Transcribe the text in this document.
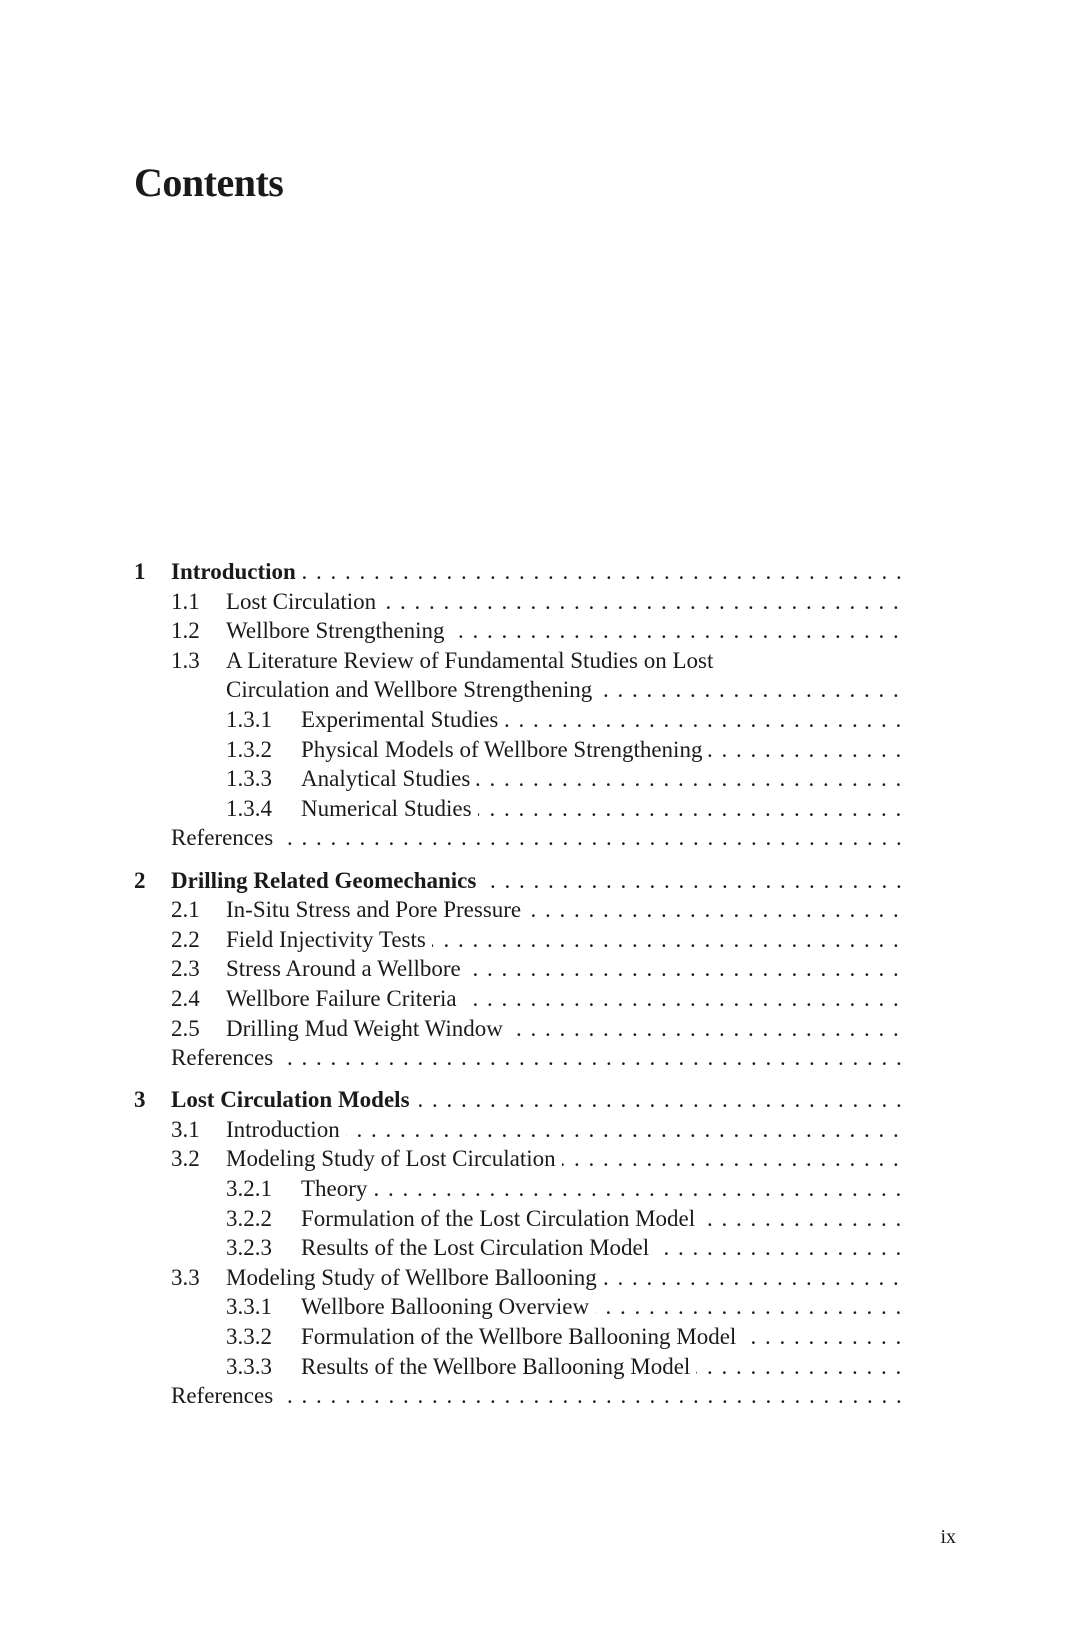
Contents
1 Introduction . . .
1.1 Lost Circulation . . .
1.2 Wellbore Strengthening . . .
1.3 A Literature Review of Fundamental Studies on Lost
Circulation and Wellbore Strengthening . . .
1.3.1 Experimental Studies . . .
1.3.2 Physical Models of Wellbore Strengthening . . .
1.3.3 Analytical Studies . . .
1.3.4 Numerical Studies . . .
References . . .
2 Drilling Related Geomechanics . . .
2.1 In-Situ Stress and Pore Pressure . . .
2.2 Field Injectivity Tests . . .
2.3 Stress Around a Wellbore . . .
2.4 Wellbore Failure Criteria . . .
2.5 Drilling Mud Weight Window . . .
References . . .
3 Lost Circulation Models . . .
3.1 Introduction . . .
3.2 Modeling Study of Lost Circulation . . .
3.2.1 Theory . . .
3.2.2 Formulation of the Lost Circulation Model . . .
3.2.3 Results of the Lost Circulation Model . . .
3.3 Modeling Study of Wellbore Ballooning . . .
3.3.1 Wellbore Ballooning Overview . . .
3.3.2 Formulation of the Wellbore Ballooning Model . . .
3.3.3 Results of the Wellbore Ballooning Model . . .
References . . .
ix
